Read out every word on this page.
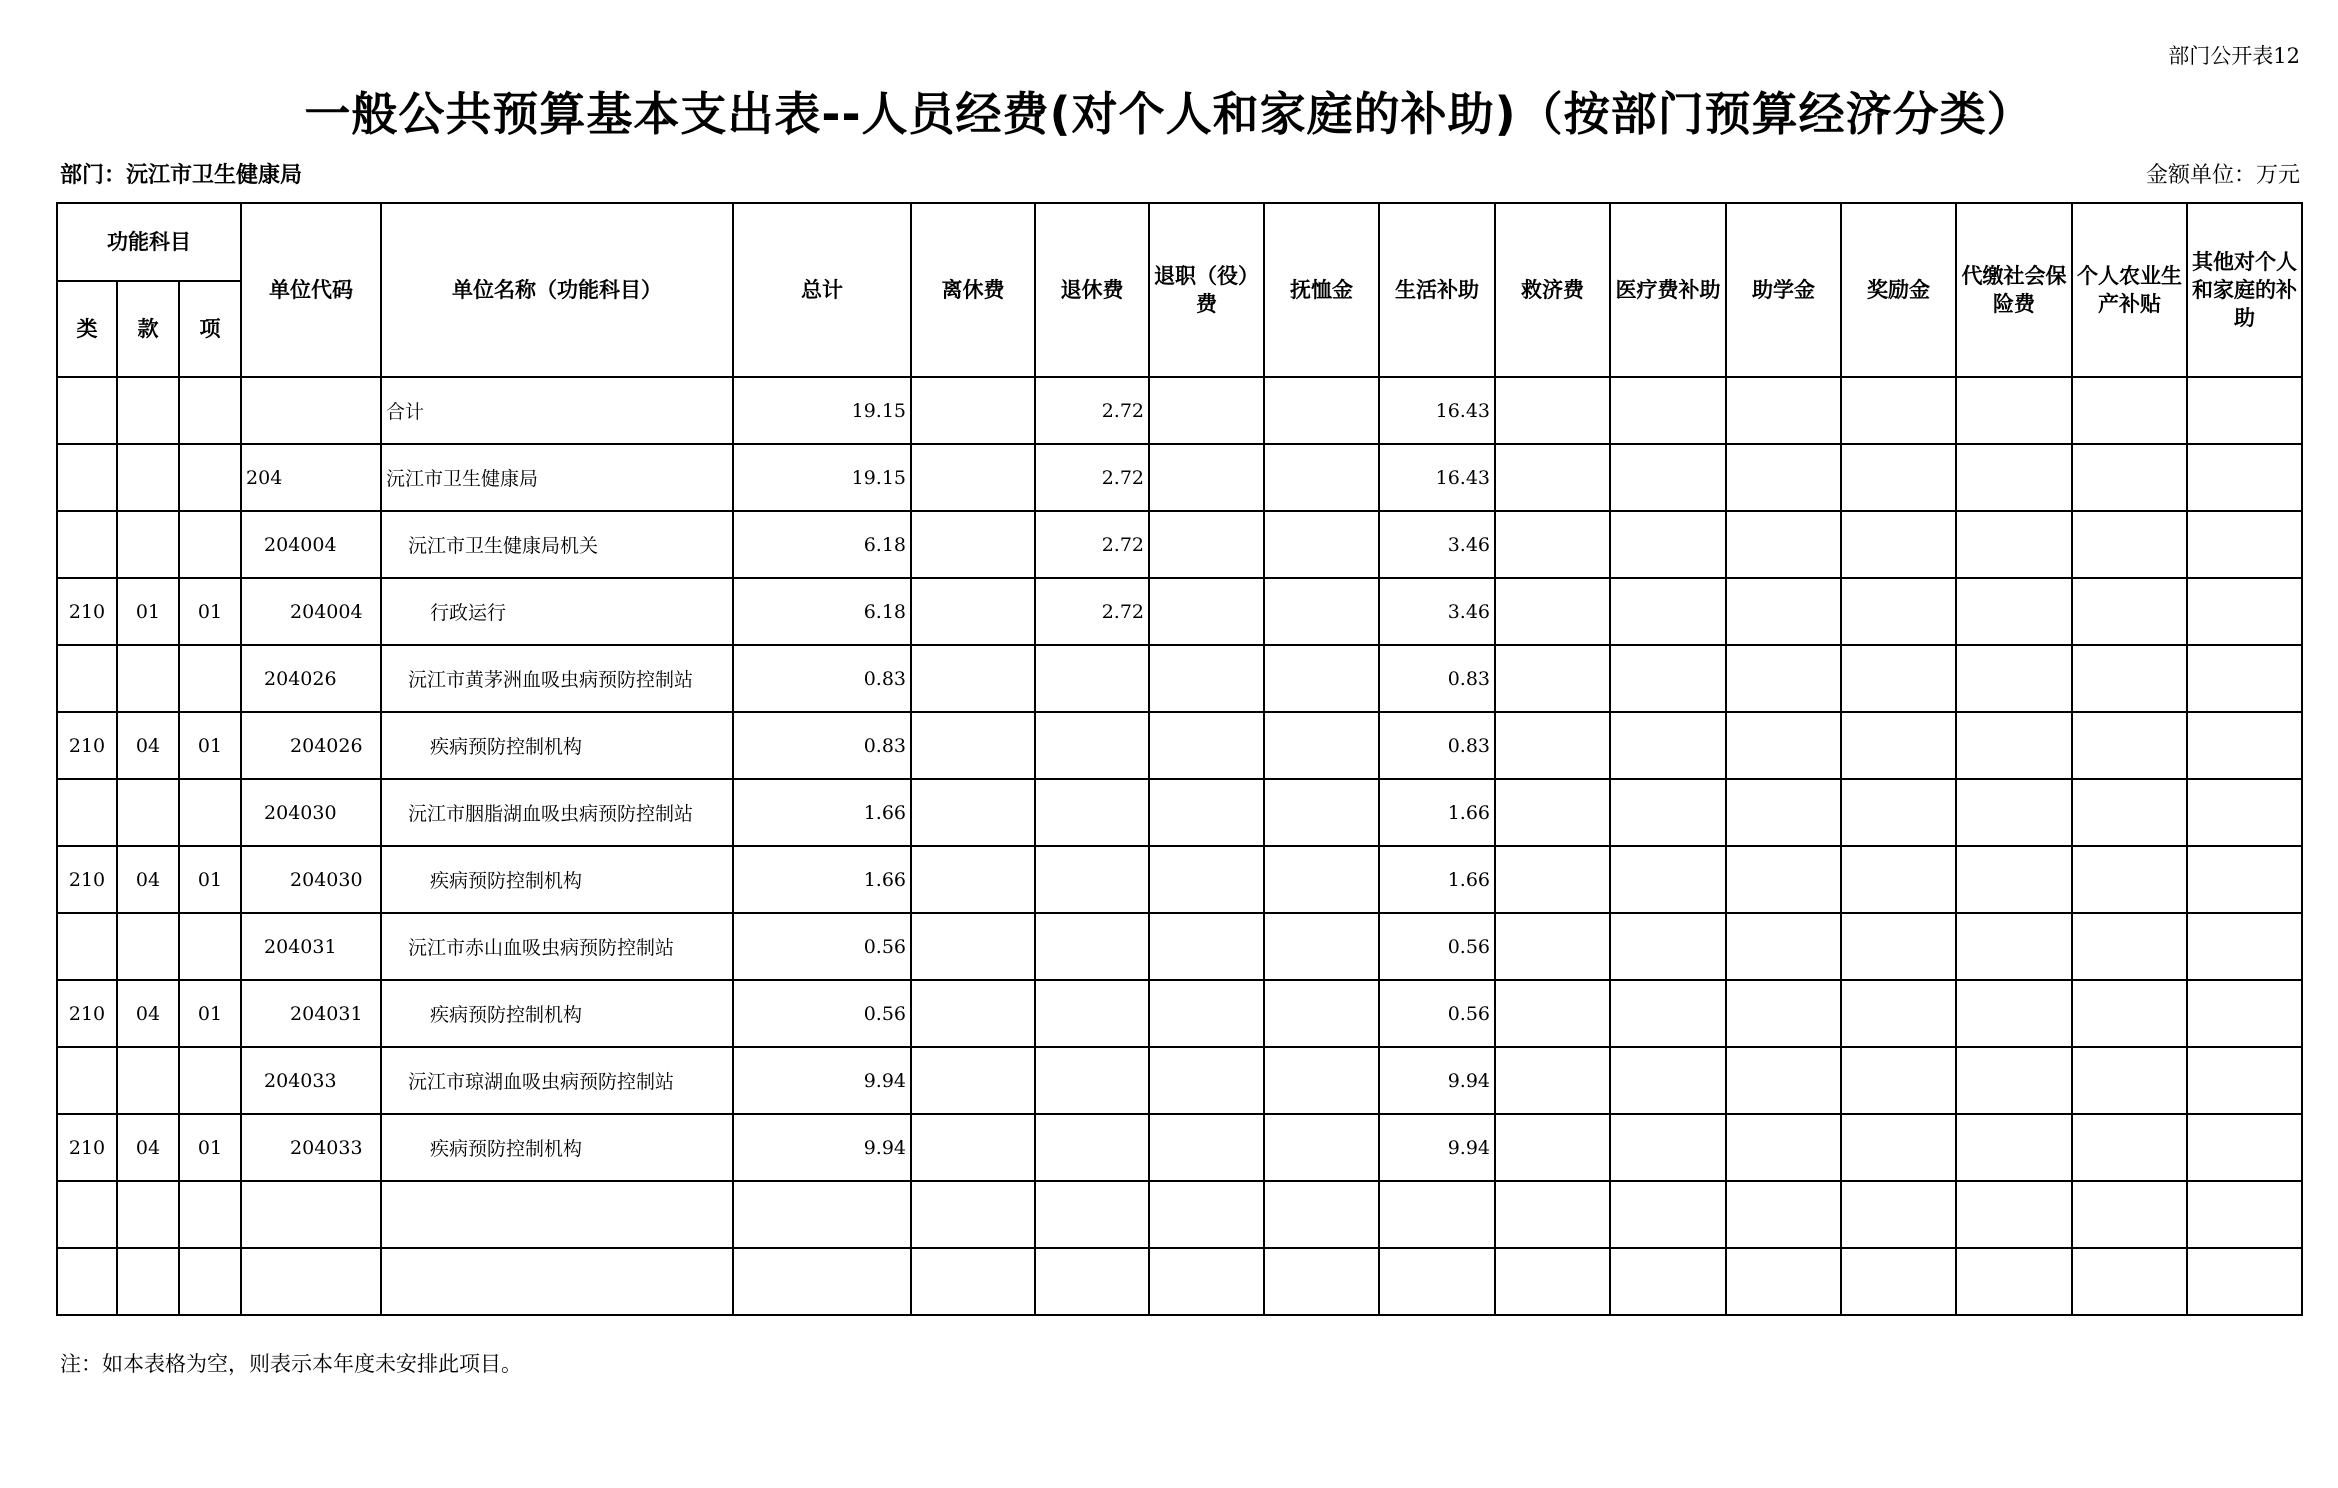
部门公开表12
一般公共预算基本支出表--人员经费(对个人和家庭的补助)（按部门预算经济分类）
部门：沅江市卫生健康局	金额单位：万元
功能科目			单位代码	单位名称（功能科目）	总计	离休费	退休费	退职（役）费	抚恤金	生活补助	救济费	医疗费补助	助学金	奖励金	代缴社会保险费	个人农业生产补贴	其他对个人和家庭的补助
类	款	项															
				合计	19.15		2.72			16.43							
			204	沅江市卫生健康局	19.15		2.72			16.43							
			204004	沅江市卫生健康局机关	6.18		2.72			3.46							
210	01	01	204004	行政运行	6.18		2.72			3.46							
			204026	沅江市黄茅洲血吸虫病预防控制站	0.83					0.83							
210	04	01	204026	疾病预防控制机构	0.83					0.83							
			204030	沅江市胭脂湖血吸虫病预防控制站	1.66					1.66							
210	04	01	204030	疾病预防控制机构	1.66					1.66							
			204031	沅江市赤山血吸虫病预防控制站	0.56					0.56							
210	04	01	204031	疾病预防控制机构	0.56					0.56							
			204033	沅江市琼湖血吸虫病预防控制站	9.94					9.94							
210	04	01	204033	疾病预防控制机构	9.94					9.94							

注：如本表格为空，则表示本年度未安排此项目。
